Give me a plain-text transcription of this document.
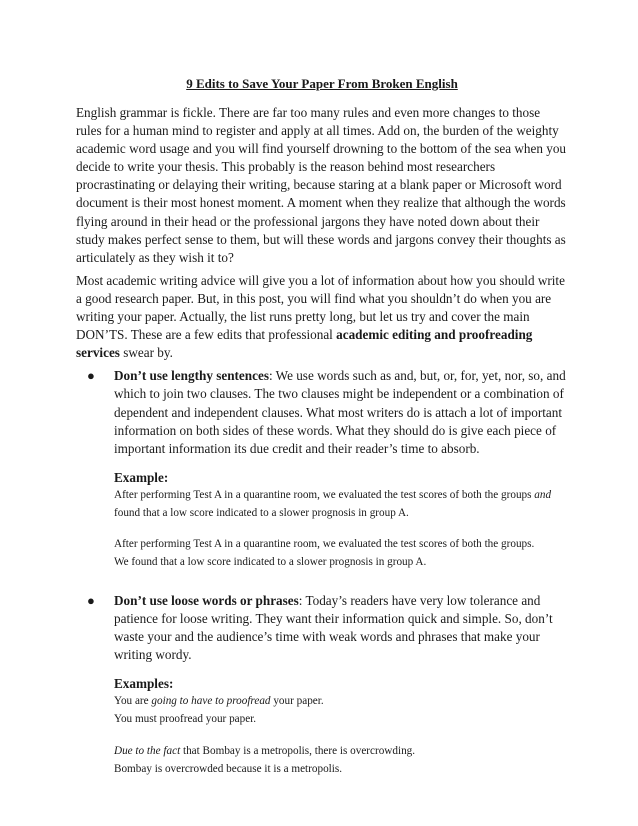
9 Edits to Save Your Paper From Broken English

English grammar is fickle. There are far too many rules and even more changes to those rules for a human mind to register and apply at all times. Add on, the burden of the weighty academic word usage and you will find yourself drowning to the bottom of the sea when you decide to write your thesis. This probably is the reason behind most researchers procrastinating or delaying their writing, because staring at a blank paper or Microsoft word document is their most honest moment. A moment when they realize that although the words flying around in their head or the professional jargons they have noted down about their study makes perfect sense to them, but will these words and jargons convey their thoughts as articulately as they wish it to?

Most academic writing advice will give you a lot of information about how you should write a good research paper. But, in this post, you will find what you shouldn’t do when you are writing your paper. Actually, the list runs pretty long, but let us try and cover the main DON’TS. These are a few edits that professional academic editing and proofreading services swear by.

● Don’t use lengthy sentences: We use words such as and, but, or, for, yet, nor, so, and which to join two clauses. The two clauses might be independent or a combination of dependent and independent clauses. What most writers do is attach a lot of important information on both sides of these words. What they should do is give each piece of important information its due credit and their reader’s time to absorb.

Example:

After performing Test A in a quarantine room, we evaluated the test scores of both the groups and found that a low score indicated to a slower prognosis in group A.

After performing Test A in a quarantine room, we evaluated the test scores of both the groups.

We found that a low score indicated to a slower prognosis in group A.

● Don’t use loose words or phrases: Today’s readers have very low tolerance and patience for loose writing. They want their information quick and simple. So, don’t waste your and the audience’s time with weak words and phrases that make your writing wordy.

Examples:

You are going to have to proofread your paper.

You must proofread your paper.

Due to the fact that Bombay is a metropolis, there is overcrowding.

Bombay is overcrowded because it is a metropolis.
